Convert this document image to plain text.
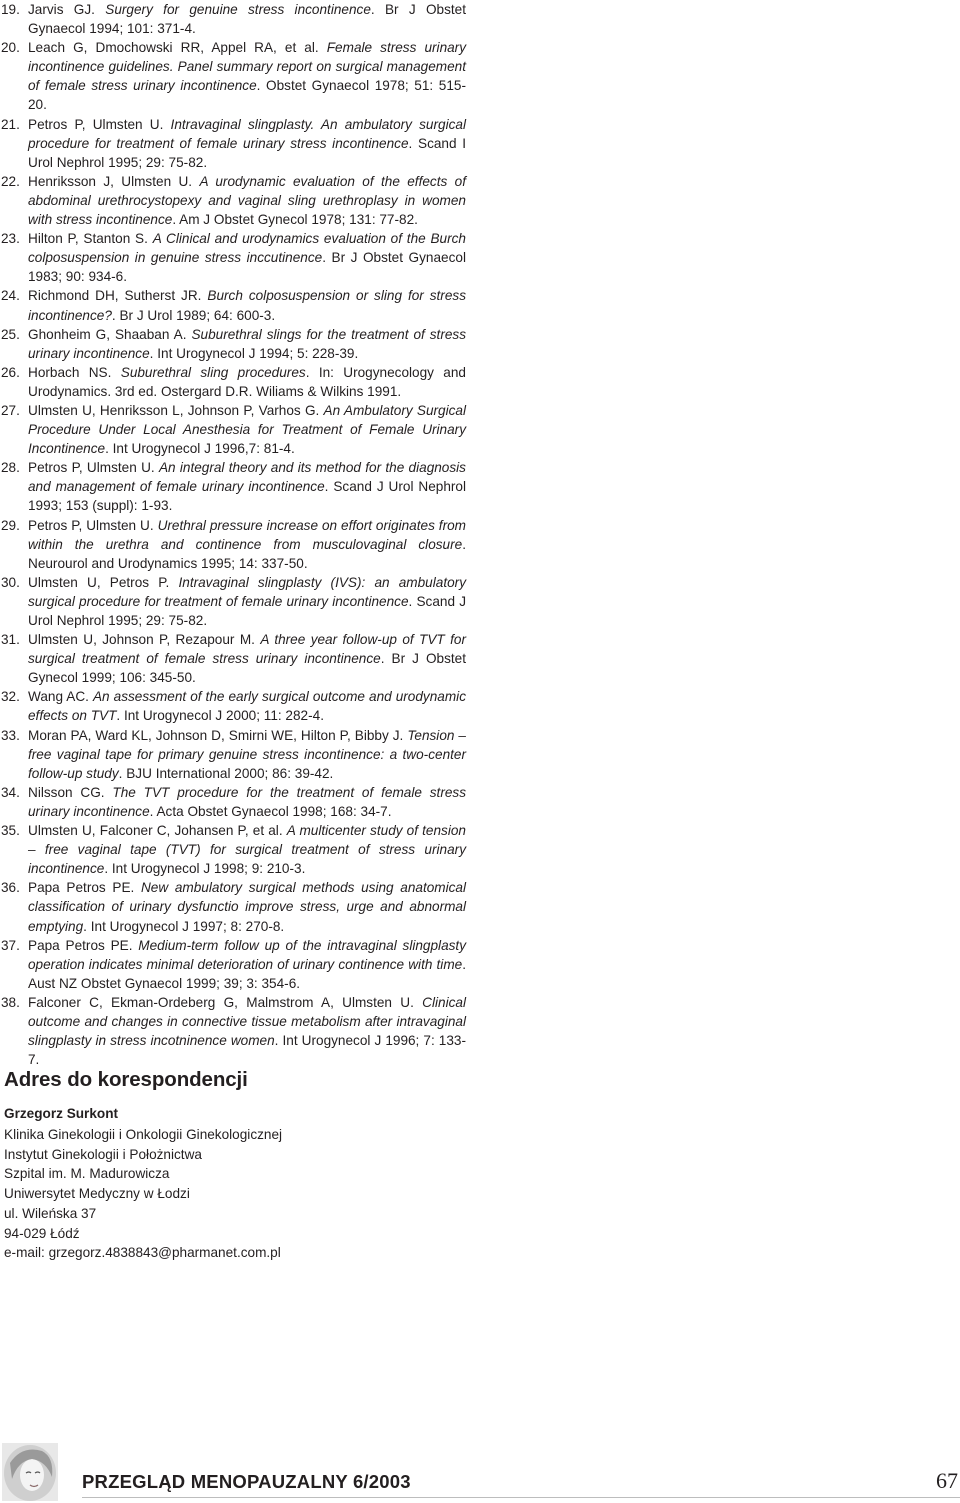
19. Jarvis GJ. Surgery for genuine stress incontinence. Br J Obstet Gynaecol 1994; 101: 371-4.

20. Leach G, Dmochowski RR, Appel RA, et al. Female stress urinary incontinence guidelines. Panel summary report on surgical management of female stress urinary incontinence. Obstet Gynaecol 1978; 51: 515-20.

21. Petros P, Ulmsten U. Intravaginal slingplasty. An ambulatory surgical procedure for treatment of female urinary stress incontinence. Scand I Urol Nephrol 1995; 29: 75-82.

22. Henriksson J, Ulmsten U. A urodynamic evaluation of the effects of abdominal urethrocystopexy and vaginal sling urethroplasy in women with stress incontinence. Am J Obstet Gynecol 1978; 131: 77-82.

23. Hilton P, Stanton S. A Clinical and urodynamics evaluation of the Burch colposuspension in genuine stress inccutinence. Br J Obstet Gynaecol 1983; 90: 934-6.

24. Richmond DH, Sutherst JR. Burch colposuspension or sling for stress incontinence?. Br J Urol 1989; 64: 600-3.

25. Ghonheim G, Shaaban A. Suburethral slings for the treatment of stress urinary incontinence. Int Urogynecol J 1994; 5: 228-39.

26. Horbach NS. Suburethral sling procedures. In: Urogynecology and Urodynamics. 3rd ed. Ostergard D.R. Wiliams & Wilkins 1991.

27. Ulmsten U, Henriksson L, Johnson P, Varhos G. An Ambulatory Surgical Procedure Under Local Anesthesia for Treatment of Female Urinary Incontinence. Int Urogynecol J 1996,7: 81-4.

28. Petros P, Ulmsten U. An integral theory and its method for the diagnosis and management of female urinary incontinence. Scand J Urol Nephrol 1993; 153 (suppl): 1-93.

29. Petros P, Ulmsten U. Urethral pressure increase on effort originates from within the urethra and continence from musculovaginal closure. Neurourol and Urodynamics 1995; 14: 337-50.

30. Ulmsten U, Petros P. Intravaginal slingplasty (IVS): an ambulatory surgical procedure for treatment of female urinary incontinence. Scand J Urol Nephrol 1995; 29: 75-82.

31. Ulmsten U, Johnson P, Rezapour M. A three year follow-up of TVT for surgical treatment of female stress urinary incontinence. Br J Obstet Gynecol 1999; 106: 345-50.

32. Wang AC. An assessment of the early surgical outcome and urodynamic effects on TVT. Int Urogynecol J 2000; 11: 282-4.

33. Moran PA, Ward KL, Johnson D, Smirni WE, Hilton P, Bibby J. Tension – free vaginal tape for primary genuine stress incontinence: a two-center follow-up study. BJU International 2000; 86: 39-42.

34. Nilsson CG. The TVT procedure for the treatment of female stress urinary incontinence. Acta Obstet Gynaecol 1998; 168: 34-7.

35. Ulmsten U, Falconer C, Johansen P, et al. A multicenter study of tension – free vaginal tape (TVT) for surgical treatment of stress urinary incontinence. Int Urogynecol J 1998; 9: 210-3.

36. Papa Petros PE. New ambulatory surgical methods using anatomical classification of urinary dysfunctio improve stress, urge and abnormal emptying. Int Urogynecol J 1997; 8: 270-8.

37. Papa Petros PE. Medium-term follow up of the intravaginal slingplasty operation indicates minimal deterioration of urinary continence with time. Aust NZ Obstet Gynaecol 1999; 39; 3: 354-6.

38. Falconer C, Ekman-Ordeberg G, Malmstrom A, Ulmsten U. Clinical outcome and changes in connective tissue metabolism after intravaginal slingplasty in stress incotninence women. Int Urogynecol J 1996; 7: 133-7.

Adres do korespondencji

Grzegorz Surkont

Klinika Ginekologii i Onkologii Ginekologicznej

Instytut Ginekologii i Położnictwa

Szpital im. M. Madurowicza

Uniwersytet Medyczny w Łodzi

ul. Wileńska 37

94-029 Łódź

e-mail: grzegorz.4838843@pharmanet.com.pl

PRZEGLĄD MENOPAUZALNY 6/2003	67
